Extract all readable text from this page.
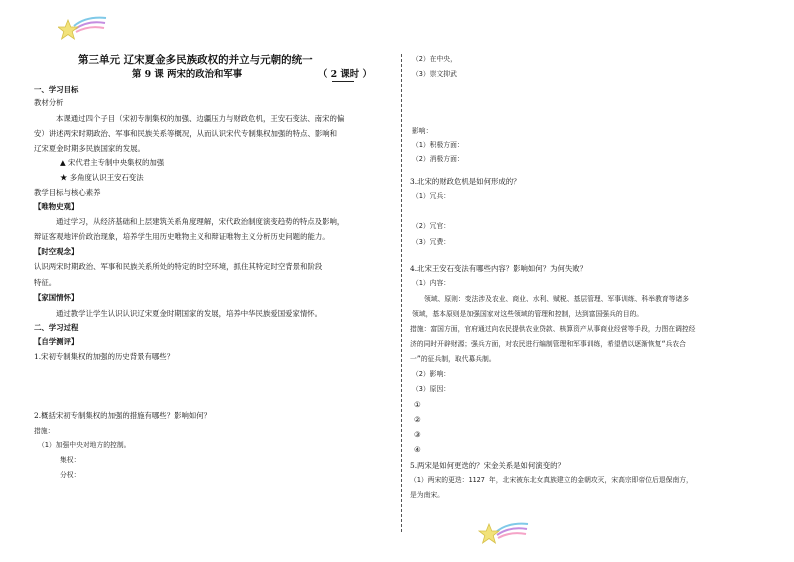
第三单元 辽宋夏金多民族政权的并立与元朝的统一
第 9 课 两宋的政治和军事	（ 2 课时 ）
一、学习目标
教材分析
本课通过四个子目（宋初专制集权的加强、边疆压力与财政危机，王安石变法、南宋的偏
安）讲述两宋时期政治、军事和民族关系等概况，从而认识宋代专制集权加强的特点、影响和
辽宋夏金时期多民族国家的发展。
▲ 宋代君主专制中央集权的加强
★ 多角度认识王安石变法
教学目标与核心素养
【唯物史观】
通过学习，从经济基础和上层建筑关系角度理解，宋代政治制度演变趋势的特点及影响，
辩证客观地评价政治现象，培养学生用历史唯物主义和辩证唯物主义分析历史问题的能力。
【时空观念】
认识两宋时期政治、军事和民族关系所处的特定的时空环境，抓住其特定时空背景和阶段
特征。
【家国情怀】
通过教学让学生认识认识辽宋夏金时期国家的发展，培养中华民族爱国爱家情怀。
二、学习过程
【自学测评】
1.宋初专制集权的加强的历史背景有哪些？
2.概括宋初专制集权的加强的措施有哪些？影响如何？
措施：
（1）加强中央对地方的控制。
集权：
分权：
（2）在中央，
（3）崇文抑武
影响：
（1）积极方面：
（2）消极方面：
3.北宋的财政危机是如何形成的？
（1）冗兵：
（2）冗官：
（3）冗费：
4.北宋王安石变法有哪些内容？影响如何？为何失败？
（1）内容：
领域、原则：变法涉及农业、商业、水利、赋税、基层管理、军事训练、科举教育等诸多
领域，基本原则是加强国家对这些领域的管理和控制，达到富国强兵的目的。
措施：富国方面，官府通过向农民提供农业贷款、核算资产从事商业经营等手段，力图在调控经
济的同时开辟财源；强兵方面，对农民进行编制管理和军事训练，希望借以逐渐恢复“兵农合
一”的征兵制，取代募兵制。
（2）影响：
（3）原因：
①
②
③
④
5.两宋是如何更迭的？宋金关系是如何演变的？
（1）两宋的更迭：1127 年，北宋被东北女真族建立的金朝攻灭，宋高宗即帝位后退保南方，
是为南宋。
